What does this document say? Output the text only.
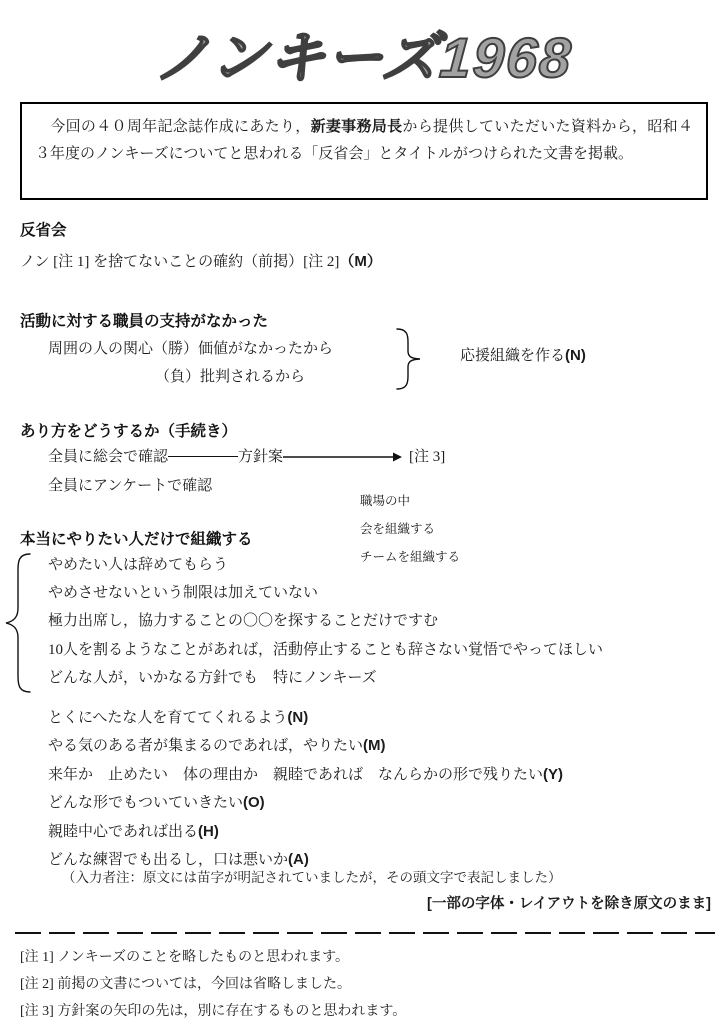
ノンキーズ1968

　今回の４０周年記念誌作成にあたり，新妻事務局長から提供していただいた資料から，昭和４３年度のノンキーズについてと思われる「反省会」とタイトルがつけられた文書を掲載。

反省会
ノン [注 1] を捨てないことの確約（前掲）[注 2]（M）
活動に対する職員の支持がなかった
周囲の人の関心（勝）価値がなかったから
（負）批判されるから
応援組織を作る(N)
あり方をどうするか（手続き）
全員に総会で確認	方針案	[注 3]
全員にアンケートで確認
職場の中
会を組織する
チームを組織する
本当にやりたい人だけで組織する
やめたい人は辞めてもらう
やめさせないという制限は加えていない
極力出席し，協力することの〇〇を探することだけですむ
10人を割るようなことがあれば，活動停止することも辞さない覚悟でやってほしい
どんな人が，いかなる方針でも　特にノンキーズ
とくにへたな人を育ててくれるよう(N)
やる気のある者が集まるのであれば，やりたい(M)
来年か　止めたい　体の理由か　親睦であれば　なんらかの形で残りたい(Y)
どんな形でもついていきたい(O)
親睦中心であれば出る(H)
どんな練習でも出るし，口は悪いか(A)
（入力者注：原文には苗字が明記されていましたが，その頭文字で表記しました）
[一部の字体・レイアウトを除き原文のまま]
[注 1] ノンキーズのことを略したものと思われます。
[注 2] 前掲の文書については，今回は省略しました。
[注 3] 方針案の矢印の先は，別に存在するものと思われます。
